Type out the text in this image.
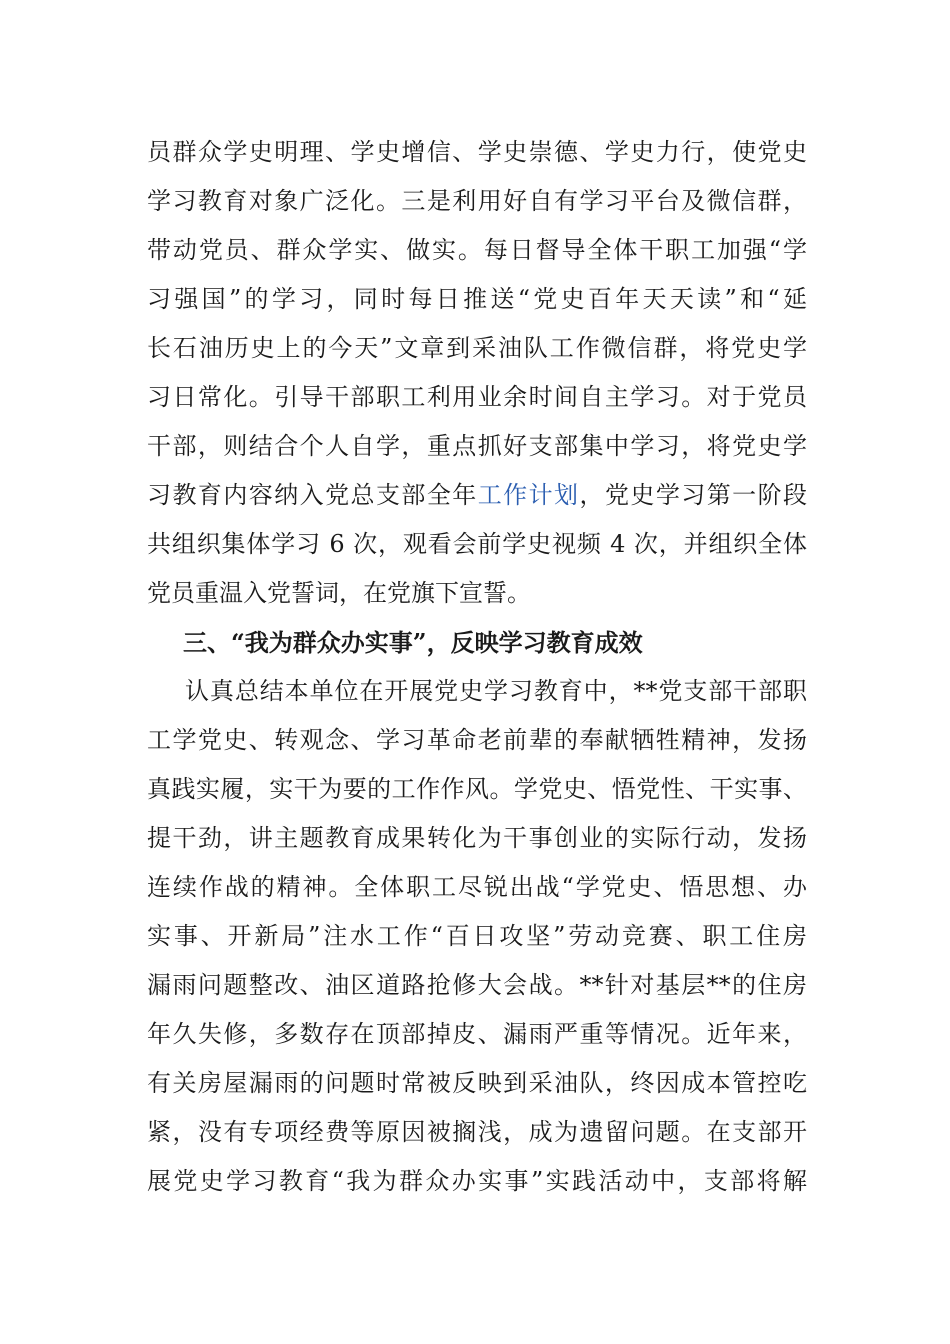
员群众学史明理、学史增信、学史崇德、学史力行，使党史
学习教育对象广泛化。三是利用好自有学习平台及微信群，
带动党员、群众学实、做实。每日督导全体干职工加强“学
习强国”的学习，同时每日推送“党史百年天天读”和“延
长石油历史上的今天”文章到采油队工作微信群，将党史学
习日常化。引导干部职工利用业余时间自主学习。对于党员
干部，则结合个人自学，重点抓好支部集中学习，将党史学
习教育内容纳入党总支部全年工作计划，党史学习第一阶段
共组织集体学习 6 次，观看会前学史视频 4 次，并组织全体
党员重温入党誓词，在党旗下宣誓。
三、“我为群众办实事”，反映学习教育成效
认真总结本单位在开展党史学习教育中，**党支部干部职
工学党史、转观念、学习革命老前辈的奉献牺牲精神，发扬
真践实履，实干为要的工作作风。学党史、悟党性、干实事、
提干劲，讲主题教育成果转化为干事创业的实际行动，发扬
连续作战的精神。全体职工尽锐出战“学党史、悟思想、办
实事、开新局”注水工作“百日攻坚”劳动竞赛、职工住房
漏雨问题整改、油区道路抢修大会战。**针对基层**的住房
年久失修，多数存在顶部掉皮、漏雨严重等情况。近年来，
有关房屋漏雨的问题时常被反映到采油队，终因成本管控吃
紧，没有专项经费等原因被搁浅，成为遗留问题。在支部开
展党史学习教育“我为群众办实事”实践活动中，支部将解
